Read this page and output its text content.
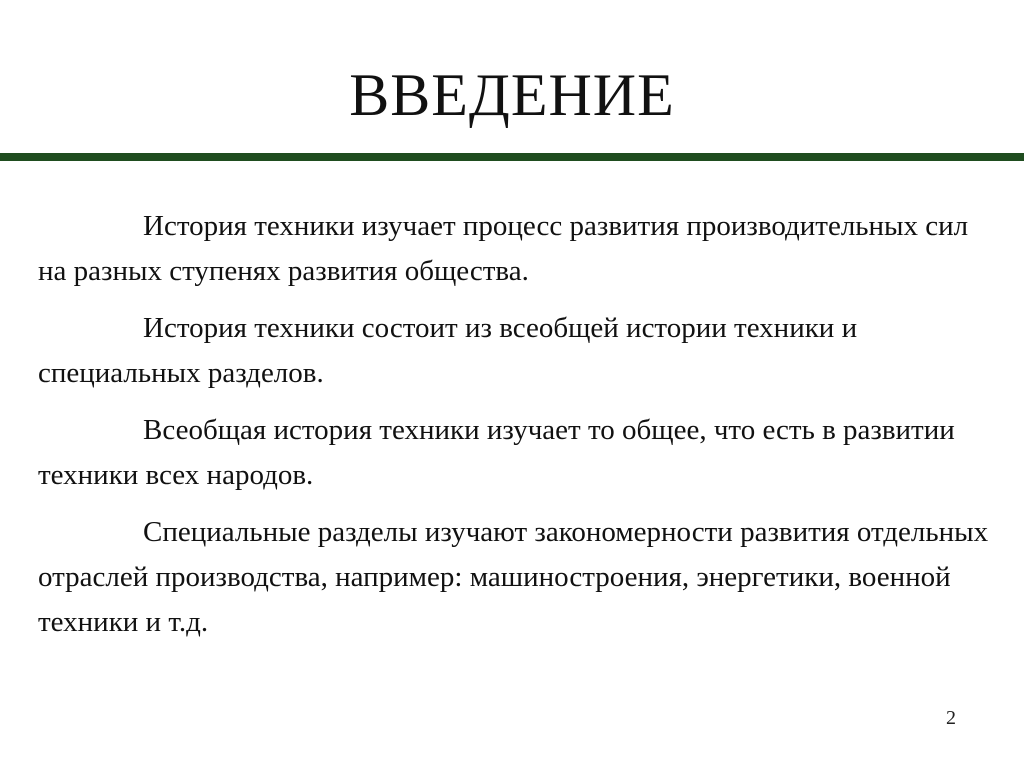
ВВЕДЕНИЕ

История техники изучает процесс развития производительных сил на разных ступенях развития общества.

История техники состоит из всеобщей истории техники и специальных разделов.

Всеобщая история техники изучает то общее, что есть в развитии техники всех народов.

Специальные разделы изучают закономерности развития отдельных отраслей производства, например: машиностроения, энергетики, военной техники и т.д.

2
